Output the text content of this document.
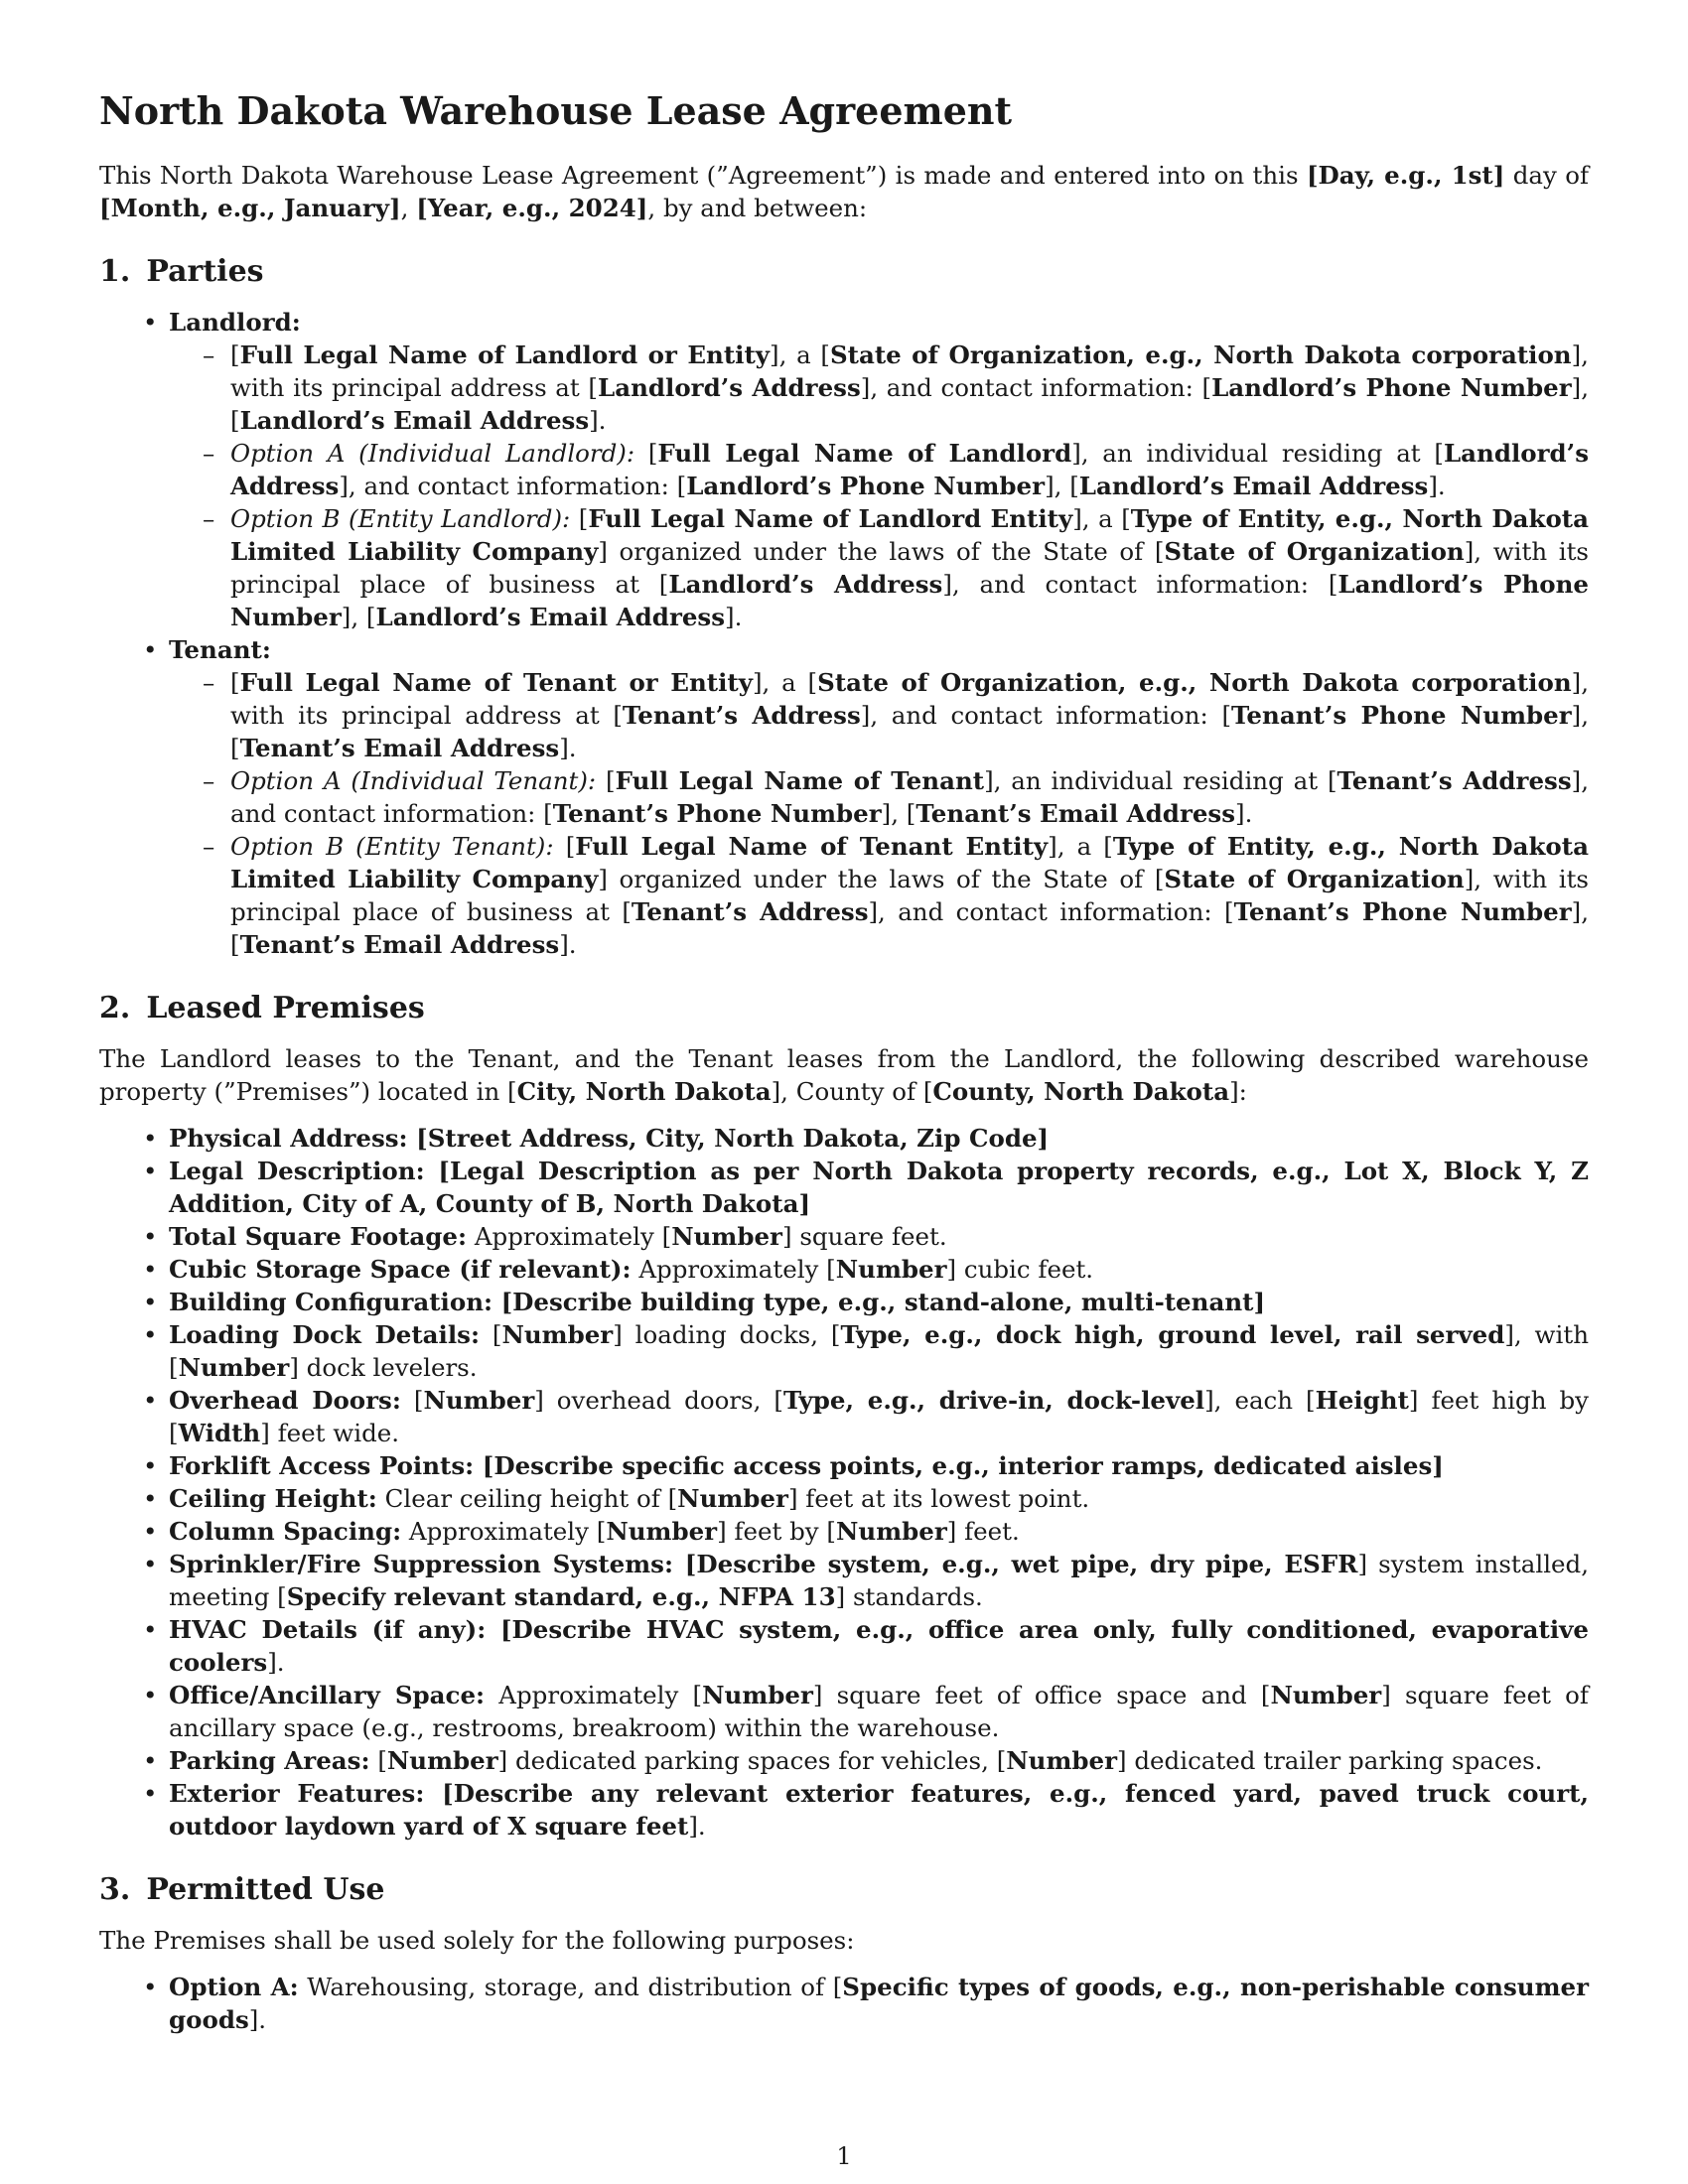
North Dakota Warehouse Lease Agreement

This North Dakota Warehouse Lease Agreement (”Agreement”) is made and entered into on this [Day, e.g., 1st] day of [Month, e.g., January], [Year, e.g., 2024], by and between:

1. Parties
• Landlord:
– [Full Legal Name of Landlord or Entity], a [State of Organization, e.g., North Dakota corporation], with its principal address at [Landlord’s Address], and contact information: [Landlord’s Phone Number], [Landlord’s Email Address].
– Option A (Individual Landlord): [Full Legal Name of Landlord], an individual residing at [Landlord’s Address], and contact information: [Landlord’s Phone Number], [Landlord’s Email Address].
– Option B (Entity Landlord): [Full Legal Name of Landlord Entity], a [Type of Entity, e.g., North Dakota Limited Liability Company] organized under the laws of the State of [State of Organization], with its principal place of business at [Landlord’s Address], and contact information: [Landlord’s Phone Number], [Landlord’s Email Address].
• Tenant:
– [Full Legal Name of Tenant or Entity], a [State of Organization, e.g., North Dakota corporation], with its principal address at [Tenant’s Address], and contact information: [Tenant’s Phone Number], [Tenant’s Email Address].
– Option A (Individual Tenant): [Full Legal Name of Tenant], an individual residing at [Tenant’s Address], and contact information: [Tenant’s Phone Number], [Tenant’s Email Address].
– Option B (Entity Tenant): [Full Legal Name of Tenant Entity], a [Type of Entity, e.g., North Dakota Limited Liability Company] organized under the laws of the State of [State of Organization], with its principal place of business at [Tenant’s Address], and contact information: [Tenant’s Phone Number], [Tenant’s Email Address].
2. Leased Premises

The Landlord leases to the Tenant, and the Tenant leases from the Landlord, the following described warehouse property (”Premises”) located in [City, North Dakota], County of [County, North Dakota]:

• Physical Address: [Street Address, City, North Dakota, Zip Code]
• Legal Description: [Legal Description as per North Dakota property records, e.g., Lot X, Block Y, Z Addition, City of A, County of B, North Dakota]
• Total Square Footage: Approximately [Number] square feet.
• Cubic Storage Space (if relevant): Approximately [Number] cubic feet.
• Building Configuration: [Describe building type, e.g., stand-alone, multi-tenant]
• Loading Dock Details: [Number] loading docks, [Type, e.g., dock high, ground level, rail served], with [Number] dock levelers.
• Overhead Doors: [Number] overhead doors, [Type, e.g., drive-in, dock-level], each [Height] feet high by [Width] feet wide.
• Forklift Access Points: [Describe specific access points, e.g., interior ramps, dedicated aisles]
• Ceiling Height: Clear ceiling height of [Number] feet at its lowest point.
• Column Spacing: Approximately [Number] feet by [Number] feet.
• Sprinkler/Fire Suppression Systems: [Describe system, e.g., wet pipe, dry pipe, ESFR] system installed, meeting [Specify relevant standard, e.g., NFPA 13] standards.
• HVAC Details (if any): [Describe HVAC system, e.g., office area only, fully conditioned, evaporative coolers].
• Office/Ancillary Space: Approximately [Number] square feet of office space and [Number] square feet of ancillary space (e.g., restrooms, breakroom) within the warehouse.
• Parking Areas: [Number] dedicated parking spaces for vehicles, [Number] dedicated trailer parking spaces.
• Exterior Features: [Describe any relevant exterior features, e.g., fenced yard, paved truck court, outdoor laydown yard of X square feet].
3. Permitted Use

The Premises shall be used solely for the following purposes:

• Option A: Warehousing, storage, and distribution of [Specific types of goods, e.g., non-perishable consumer goods].
1
